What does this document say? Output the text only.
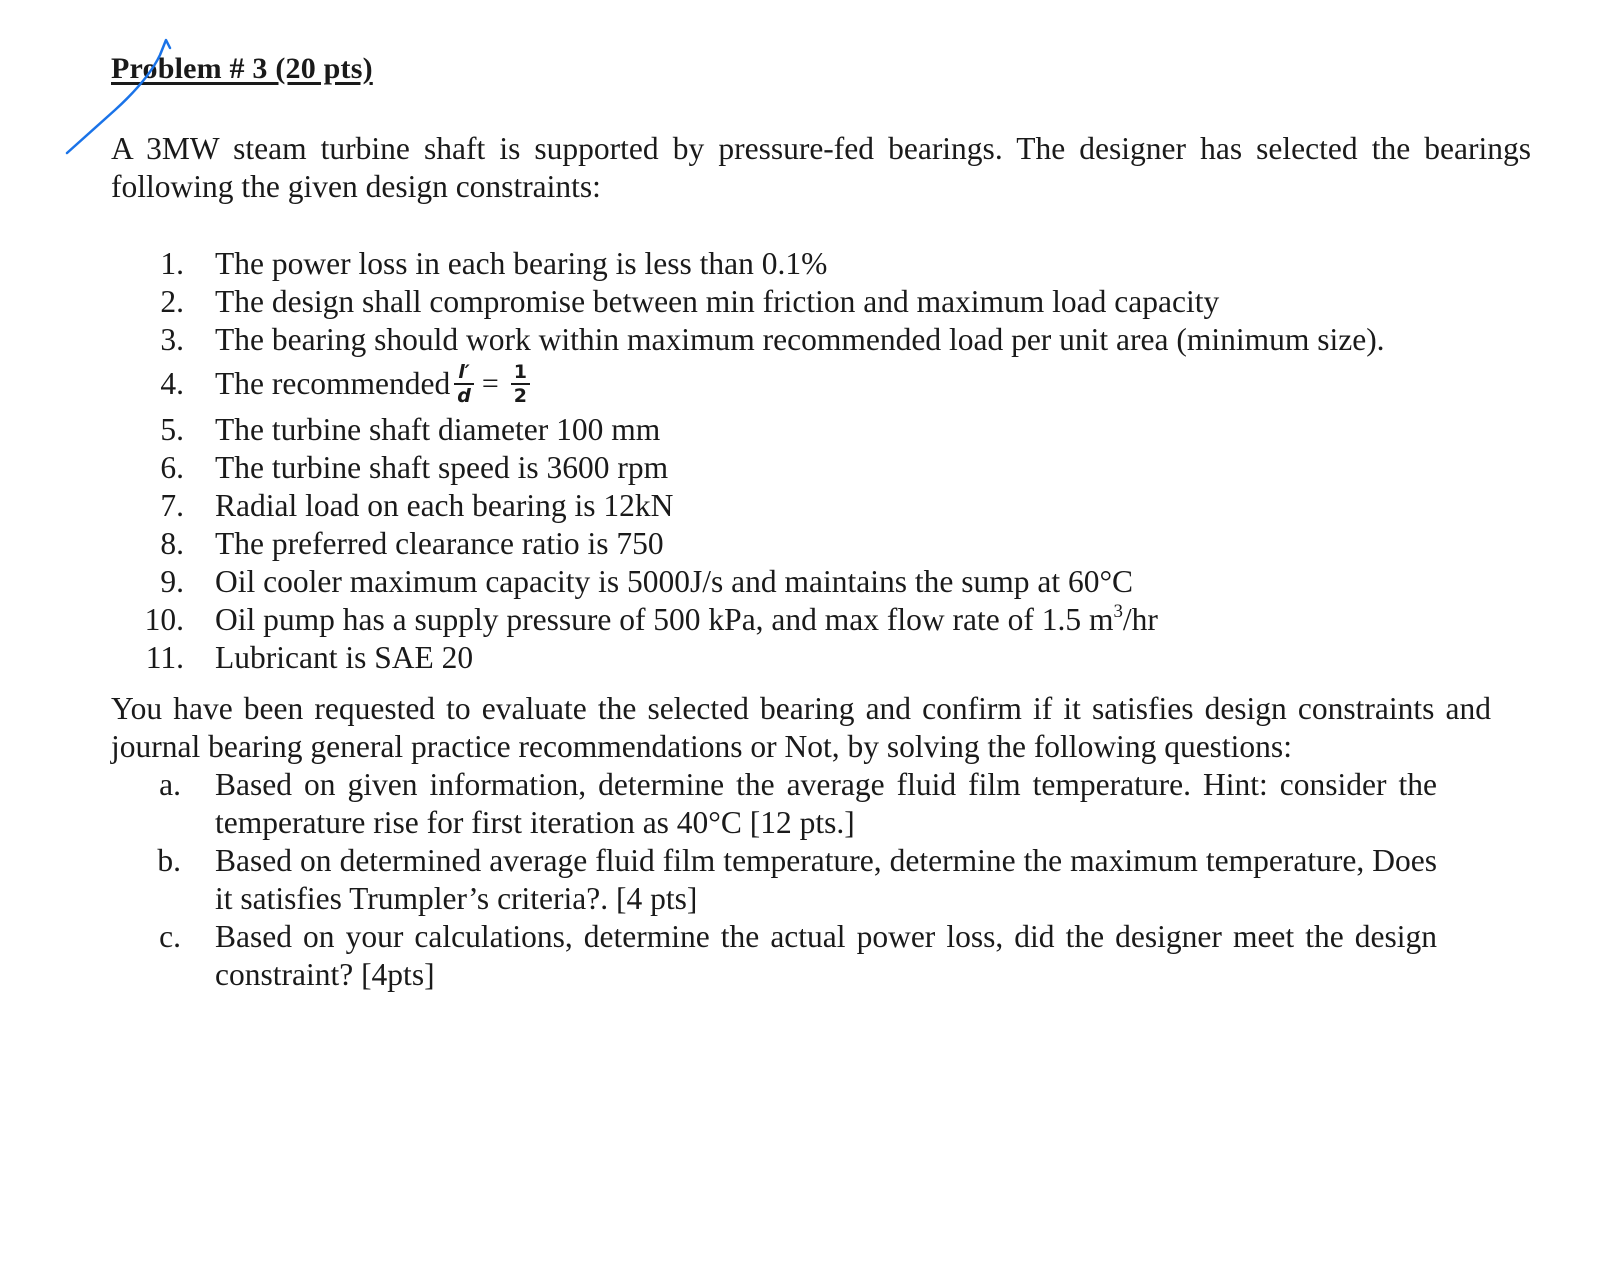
Problem # 3 (20 pts)
A 3MW steam turbine shaft is supported by pressure-fed bearings. The designer has selected the bearings following the given design constraints:
1. The power loss in each bearing is less than 0.1%
2. The design shall compromise between min friction and maximum load capacity
3. The bearing should work within maximum recommended load per unit area (minimum size).
4. The recommended $\frac{l'}{d} = \frac{1}{2}$
5. The turbine shaft diameter 100 mm
6. The turbine shaft speed is 3600 rpm
7. Radial load on each bearing is 12kN
8. The preferred clearance ratio is 750
9. Oil cooler maximum capacity is 5000J/s and maintains the sump at 60°C
10. Oil pump has a supply pressure of 500 kPa, and max flow rate of 1.5 $m^3/hr$
11. Lubricant is SAE 20
You have been requested to evaluate the selected bearing and confirm if it satisfies design constraints and journal bearing general practice recommendations or Not, by solving the following questions:
a. Based on given information, determine the average fluid film temperature. Hint: consider the temperature rise for first iteration as 40°C [12 pts.]
b. Based on determined average fluid film temperature, determine the maximum temperature, Does it satisfies Trumpler’s criteria?. [4 pts]
c. Based on your calculations, determine the actual power loss, did the designer meet the design constraint? [4pts]
